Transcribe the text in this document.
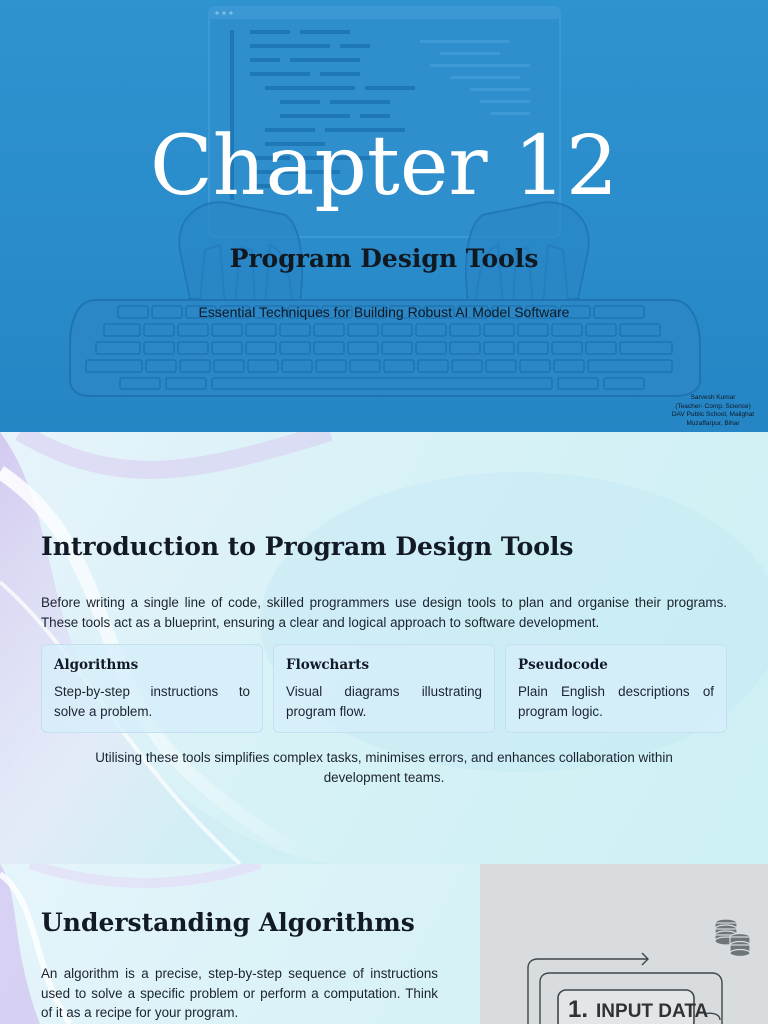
Chapter 12
Program Design Tools
Essential Techniques for Building Robust AI Model Software
Sarvesh Kumar
(Teacher- Comp. Science)
DAV Public School, Malighat
Muzaffarpur, Bihar
Introduction to Program Design Tools

Before writing a single line of code, skilled programmers use design tools to plan and organise their programs. These tools act as a blueprint, ensuring a clear and logical approach to software development.

Algorithms
Step-by-step instructions to solve a problem.
Flowcharts
Visual diagrams illustrating program flow.
Pseudocode
Plain English descriptions of program logic.

Utilising these tools simplifies complex tasks, minimises errors, and enhances collaboration within development teams.

Understanding Algorithms

An algorithm is a precise, step-by-step sequence of instructions used to solve a specific problem or perform a computation. Think of it as a recipe for your program.	1. INPUT DATA
